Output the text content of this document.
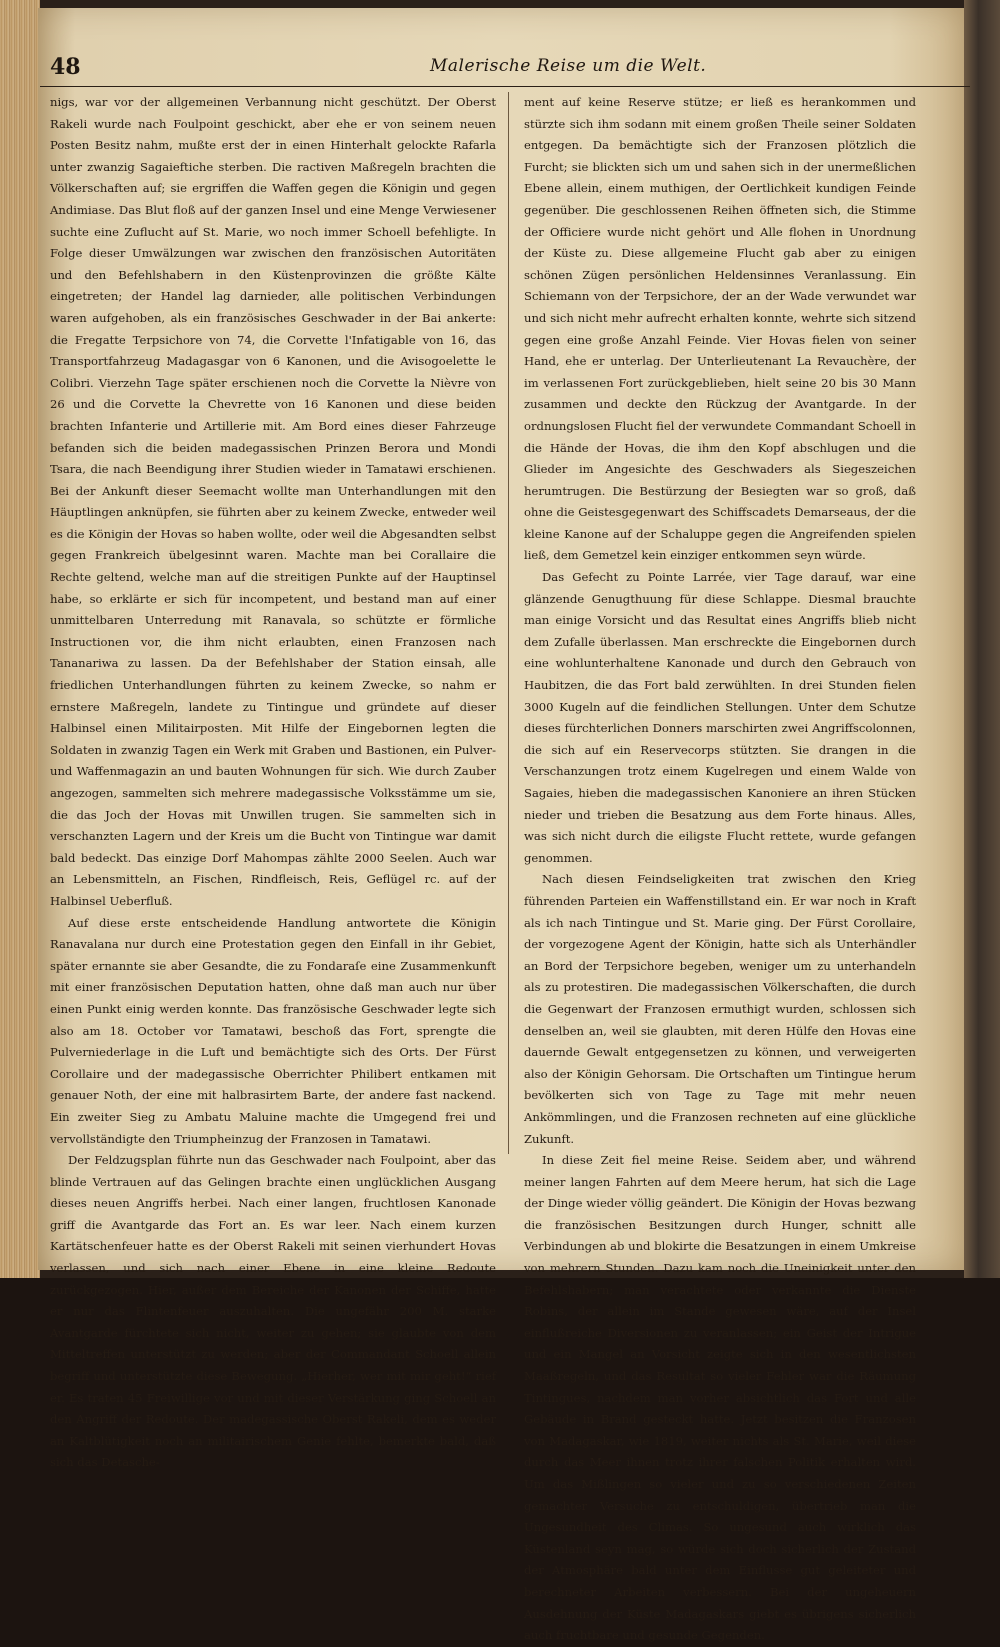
48	Malerische Reise um die Welt.

nigs, war vor der allgemeinen Verbannung nicht geschützt. Der Oberst Rakeli wurde nach Foulpoint geschickt, aber ehe er von seinem neuen Posten Besitz nahm, mußte erst der in einen Hinterhalt gelockte Rafarla unter zwanzig Sagaieftiche sterben. Die ractiven Maßregeln brachten die Völkerschaften auf; sie ergriffen die Waffen gegen die Königin und gegen Andimiase. Das Blut floß auf der ganzen Insel und eine Menge Verwiesener suchte eine Zuflucht auf St. Marie, wo noch immer Schoell befehligte. In Folge dieser Umwälzungen war zwischen den französischen Autoritäten und den Befehlshabern in den Küstenprovinzen die größte Kälte eingetreten; der Handel lag darnieder, alle politischen Verbindungen waren aufgehoben, als ein französisches Geschwader in der Bai ankerte: die Fregatte Terpsichore von 74, die Corvette l'Infatigable von 16, das Transportfahrzeug Madagasgar von 6 Kanonen, und die Avisogoelette le Colibri. Vierzehn Tage später erschienen noch die Corvette la Nièvre von 26 und die Corvette la Chevrette von 16 Kanonen und diese beiden brachten Infanterie und Artillerie mit. Am Bord eines dieser Fahrzeuge befanden sich die beiden madegassischen Prinzen Berora und Mondi Tsara, die nach Beendigung ihrer Studien wieder in Tamatawi erschienen. Bei der Ankunft dieser Seemacht wollte man Unterhandlungen mit den Häuptlingen anknüpfen, sie führten aber zu keinem Zwecke, entweder weil es die Königin der Hovas so haben wollte, oder weil die Abgesandten selbst gegen Frankreich übelgesinnt waren. Machte man bei Corallaire die Rechte geltend, welche man auf die streitigen Punkte auf der Hauptinsel habe, so erklärte er sich für incompetent, und bestand man auf einer unmittelbaren Unterredung mit Ranavala, so schützte er förmliche Instructionen vor, die ihm nicht erlaubten, einen Franzosen nach Tananariwa zu lassen. Da der Befehlshaber der Station einsah, alle friedlichen Unterhandlungen führten zu keinem Zwecke, so nahm er ernstere Maßregeln, landete zu Tintingue und gründete auf dieser Halbinsel einen Militairposten. Mit Hilfe der Eingebornen legten die Soldaten in zwanzig Tagen ein Werk mit Graben und Bastionen, ein Pulver- und Waffenmagazin an und bauten Wohnungen für sich. Wie durch Zauber angezogen, sammelten sich mehrere madegassische Volksstämme um sie, die das Joch der Hovas mit Unwillen trugen. Sie sammelten sich in verschanzten Lagern und der Kreis um die Bucht von Tintingue war damit bald bedeckt. Das einzige Dorf Mahompas zählte 2000 Seelen. Auch war an Lebensmitteln, an Fischen, Rindfleisch, Reis, Geflügel rc. auf der Halbinsel Ueberfluß.

Auf diese erste entscheidende Handlung antwortete die Königin Ranavalana nur durch eine Protestation gegen den Einfall in ihr Gebiet, später ernannte sie aber Gesandte, die zu Fondaraſe eine Zusammenkunft mit einer französischen Deputation hatten, ohne daß man auch nur über einen Punkt einig werden konnte. Das französische Geschwader legte sich also am 18. October vor Tamatawi, beschoß das Fort, sprengte die Pulverniederlage in die Luft und bemächtigte sich des Orts. Der Fürst Corollaire und der madegassische Oberrichter Philibert entkamen mit genauer Noth, der eine mit halbrasirtem Barte, der andere fast nackend. Ein zweiter Sieg zu Ambatu Maluine machte die Umgegend frei und vervollständigte den Triumpheinzug der Franzosen in Tamatawi.

Der Feldzugsplan führte nun das Geschwader nach Foulpoint, aber das blinde Vertrauen auf das Gelingen brachte einen unglücklichen Ausgang dieses neuen Angriffs herbei. Nach einer langen, fruchtlosen Kanonade griff die Avantgarde das Fort an. Es war leer. Nach einem kurzen Kartätschenfeuer hatte es der Oberst Rakeli mit seinen vierhundert Hovas verlassen, und sich nach einer Ebene in eine kleine Redoute zurückgezogen. Hier, außer dem Bereiche der Kanonen der Schiffe, hatte er nur das Flintenfeuer auszuhalten. Die ungefähr 200 M. starke Avantgarde fürchtete sich nicht, weiter zu gehen; sie glaubte von dem Mitteltreffen unterstützt zu werden; aber der Commandant Schoell allein begriff und unterstützte diese Bewegung. „Hierher, wer mit mir geht!“ rief er. Es traten 45 Freiwillige vor und mit dieser Verstärkung ging Schoell an den Angriff der Redoute. Der madegassische Oberst Rakeli, dem es weder an Kaltblütigkeit noch an militairischem Genie fehlte, bemerkte bald, daß sich das Detasche-

ment auf keine Reserve stütze; er ließ es herankommen und stürzte sich ihm sodann mit einem großen Theile seiner Soldaten entgegen. Da bemächtigte sich der Franzosen plötzlich die Furcht; sie blickten sich um und sahen sich in der unermeßlichen Ebene allein, einem muthigen, der Oertlichkeit kundigen Feinde gegenüber. Die geschlossenen Reihen öffneten sich, die Stimme der Officiere wurde nicht gehört und Alle flohen in Unordnung der Küste zu. Diese allgemeine Flucht gab aber zu einigen schönen Zügen persönlichen Heldensinnes Veranlassung. Ein Schiemann von der Terpsichore, der an der Wade verwundet war und sich nicht mehr aufrecht erhalten konnte, wehrte sich sitzend gegen eine große Anzahl Feinde. Vier Hovas fielen von seiner Hand, ehe er unterlag. Der Unterlieutenant La Revauchère, der im verlassenen Fort zurückgeblieben, hielt seine 20 bis 30 Mann zusammen und deckte den Rückzug der Avantgarde. In der ordnungslosen Flucht fiel der verwundete Commandant Schoell in die Hände der Hovas, die ihm den Kopf abschlugen und die Glieder im Angesichte des Geschwaders als Siegeszeichen herumtrugen. Die Bestürzung der Besiegten war so groß, daß ohne die Geistesgegenwart des Schiffscadets Demarseaus, der die kleine Kanone auf der Schaluppe gegen die Angreifenden spielen ließ, dem Gemetzel kein einziger entkommen seyn würde.

Das Gefecht zu Pointe Larrée, vier Tage darauf, war eine glänzende Genugthuung für diese Schlappe. Diesmal brauchte man einige Vorsicht und das Resultat eines Angriffs blieb nicht dem Zufalle überlassen. Man erschreckte die Eingebornen durch eine wohlunterhaltene Kanonade und durch den Gebrauch von Haubitzen, die das Fort bald zerwühlten. In drei Stunden fielen 3000 Kugeln auf die feindlichen Stellungen. Unter dem Schutze dieses fürchterlichen Donners marschirten zwei Angriffscolonnen, die sich auf ein Reservecorps stützten. Sie drangen in die Verschanzungen trotz einem Kugelregen und einem Walde von Sagaies, hieben die madegassischen Kanoniere an ihren Stücken nieder und trieben die Besatzung aus dem Forte hinaus. Alles, was sich nicht durch die eiligste Flucht rettete, wurde gefangen genommen.

Nach diesen Feindseligkeiten trat zwischen den Krieg führenden Parteien ein Waffenstillstand ein. Er war noch in Kraft als ich nach Tintingue und St. Marie ging. Der Fürst Corollaire, der vorgezogene Agent der Königin, hatte sich als Unterhändler an Bord der Terpsichore begeben, weniger um zu unterhandeln als zu protestiren. Die madegassischen Völkerschaften, die durch die Gegenwart der Franzosen ermuthigt wurden, schlossen sich denselben an, weil sie glaubten, mit deren Hülfe den Hovas eine dauernde Gewalt entgegensetzen zu können, und verweigerten also der Königin Gehorsam. Die Ortschaften um Tintingue herum bevölkerten sich von Tage zu Tage mit mehr neuen Ankömmlingen, und die Franzosen rechneten auf eine glückliche Zukunft.

In diese Zeit fiel meine Reise. Seidem aber, und während meiner langen Fahrten auf dem Meere herum, hat sich die Lage der Dinge wieder völlig geändert. Die Königin der Hovas bezwang die französischen Besitzungen durch Hunger, schnitt alle Verbindungen ab und blokirte die Besatzungen in einem Umkreise von mehrern Stunden. Dazu kam noch die Uneinigkeit unter den Befehlshabern; man verachtete oder verkannte die Dienste Robins, der allein im Stande gewesen wäre, auf der Insel einflußreiche Diversionen zu veranlassen; ein Geist der Intrigue und ein Mangel an Vorsicht zeigte sich in den wesentlichsten Maaßregeln, und das Resultat so vieler Fehler war die Räumung Tintingues, nachdem man vorher absichtlich das Fort und alle Gebäude in Brand gesteckt hatte. Jetzt besitzen die Franzosen von Madagaskar, wie 1819, weiter nichts als St. Marie, weil diese durch das Meer ihnen trotz ihrer falschen Politik erhalten wird. Um das Mißlingen so vieler und zu so verschiedenen Zeiten gemachter Versuche zu entschuldigen, übertrieb man die Ungesundheit des Climas. So ungesund auch wirklich das Küstenland seyn mag, so würde sich doch sicherlich der Zustand der Atmosphäre bald unter dem Einflusse gut geleiteter und berechneter Arbeiten verbessern. Bei der ungeheuern Ausdehnung der Küste Madagaskars giebt es übrigens sicherlich auch fruchtbare und gesunde Gegenden.
